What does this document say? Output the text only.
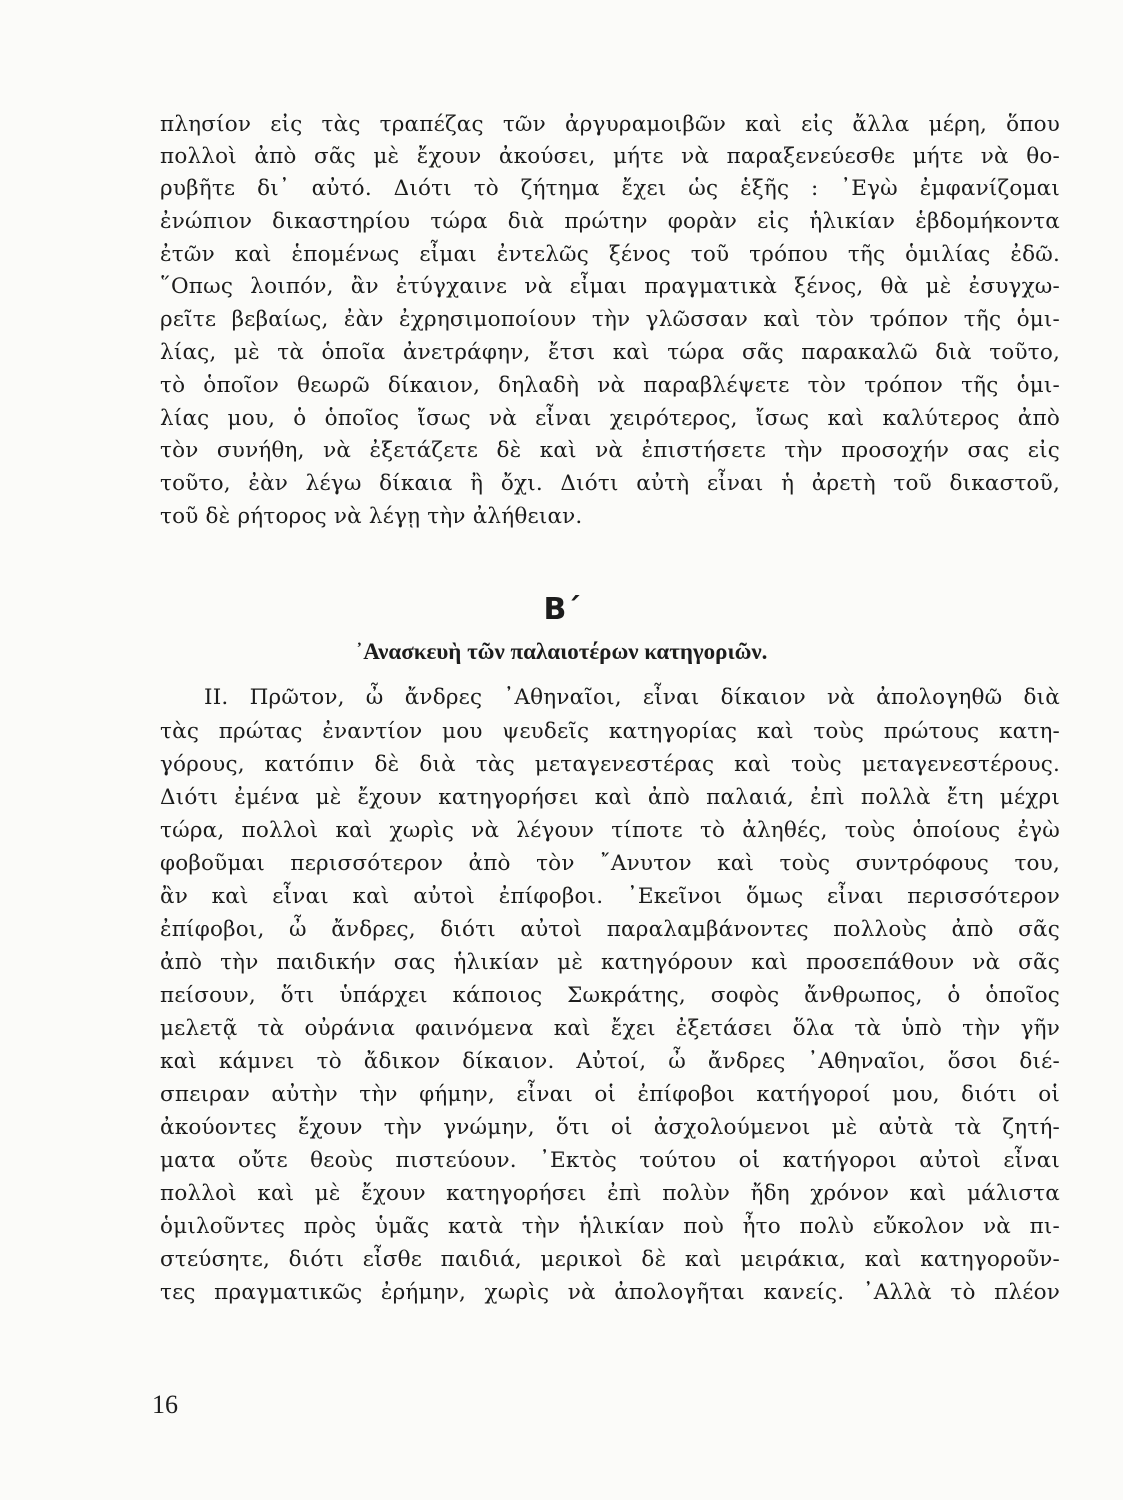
πλησίον εἰς τὰς τραπέζας τῶν ἀργυραμοιβῶν καὶ εἰς ἄλλα μέρη, ὅπου

πολλοὶ ἀπὸ σᾶς μὲ ἔχουν ἀκούσει, μήτε νὰ παραξενεύεσθε μήτε νὰ θο-

ρυβῆτε δι᾿ αὐτό. Διότι τὸ ζήτημα ἔχει ὡς ἑξῆς : ᾿Εγὼ ἐμφανίζομαι

ἐνώπιον δικαστηρίου τώρα διὰ πρώτην φορὰν εἰς ἡλικίαν ἑβδομήκοντα

ἐτῶν καὶ ἑπομένως εἶμαι ἐντελῶς ξένος τοῦ τρόπου τῆς ὁμιλίας ἐδῶ.

῞Οπως λοιπόν, ἂν ἐτύγχαινε νὰ εἶμαι πραγματικὰ ξένος, θὰ μὲ ἐσυγχω-

ρεῖτε βεβαίως, ἐὰν ἐχρησιμοποίουν τὴν γλῶσσαν καὶ τὸν τρόπον τῆς ὁμι-

λίας, μὲ τὰ ὁποῖα ἀνετράφην, ἔτσι καὶ τώρα σᾶς παρακαλῶ διὰ τοῦτο,

τὸ ὁποῖον θεωρῶ δίκαιον, δηλαδὴ νὰ παραβλέψετε τὸν τρόπον τῆς ὁμι-

λίας μου, ὁ ὁποῖος ἴσως νὰ εἶναι χειρότερος, ἴσως καὶ καλύτερος ἀπὸ

τὸν συνήθη, νὰ ἐξετάζετε δὲ καὶ νὰ ἐπιστήσετε τὴν προσοχήν σας εἰς

τοῦτο, ἐὰν λέγω δίκαια ἢ ὄχι. Διότι αὐτὴ εἶναι ἡ ἀρετὴ τοῦ δικαστοῦ,

τοῦ δὲ ρήτορος νὰ λέγῃ τὴν ἀλήθειαν.

Β΄
᾿Ανασκευὴ τῶν παλαιοτέρων κατηγοριῶν.

II. Πρῶτον, ὦ ἄνδρες ᾿Αθηναῖοι, εἶναι δίκαιον νὰ ἀπολογηθῶ διὰ

τὰς πρώτας ἐναντίον μου ψευδεῖς κατηγορίας καὶ τοὺς πρώτους κατη-

γόρους, κατόπιν δὲ διὰ τὰς μεταγενεστέρας καὶ τοὺς μεταγενεστέρους.

Διότι ἐμένα μὲ ἔχουν κατηγορήσει καὶ ἀπὸ παλαιά, ἐπὶ πολλὰ ἔτη μέχρι

τώρα, πολλοὶ καὶ χωρὶς νὰ λέγουν τίποτε τὸ ἀληθές, τοὺς ὁποίους ἐγὼ

φοβοῦμαι περισσότερον ἀπὸ τὸν ῎Ανυτον καὶ τοὺς συντρόφους του,

ἂν καὶ εἶναι καὶ αὐτοὶ ἐπίφοβοι. ᾿Εκεῖνοι ὅμως εἶναι περισσότερον

ἐπίφοβοι, ὦ ἄνδρες, διότι αὐτοὶ παραλαμβάνοντες πολλοὺς ἀπὸ σᾶς

ἀπὸ τὴν παιδικήν σας ἡλικίαν μὲ κατηγόρουν καὶ προσεπάθουν νὰ σᾶς

πείσουν, ὅτι ὑπάρχει κάποιος Σωκράτης, σοφὸς ἄνθρωπος, ὁ ὁποῖος

μελετᾷ τὰ οὐράνια φαινόμενα καὶ ἔχει ἐξετάσει ὅλα τὰ ὑπὸ τὴν γῆν

καὶ κάμνει τὸ ἄδικον δίκαιον. Αὐτοί, ὦ ἄνδρες ᾿Αθηναῖοι, ὅσοι διέ-

σπειραν αὐτὴν τὴν φήμην, εἶναι οἱ ἐπίφοβοι κατήγοροί μου, διότι οἱ

ἀκούοντες ἔχουν τὴν γνώμην, ὅτι οἱ ἀσχολούμενοι μὲ αὐτὰ τὰ ζητή-

ματα οὔτε θεοὺς πιστεύουν. ᾿Εκτὸς τούτου οἱ κατήγοροι αὐτοὶ εἶναι

πολλοὶ καὶ μὲ ἔχουν κατηγορήσει ἐπὶ πολὺν ἤδη χρόνον καὶ μάλιστα

ὁμιλοῦντες πρὸς ὑμᾶς κατὰ τὴν ἡλικίαν ποὺ ἦτο πολὺ εὔκολον νὰ πι-

στεύσητε, διότι εἶσθε παιδιά, μερικοὶ δὲ καὶ μειράκια, καὶ κατηγοροῦν-

τες πραγματικῶς ἐρήμην, χωρὶς νὰ ἀπολογῆται κανείς. ᾿Αλλὰ τὸ πλέον

16
